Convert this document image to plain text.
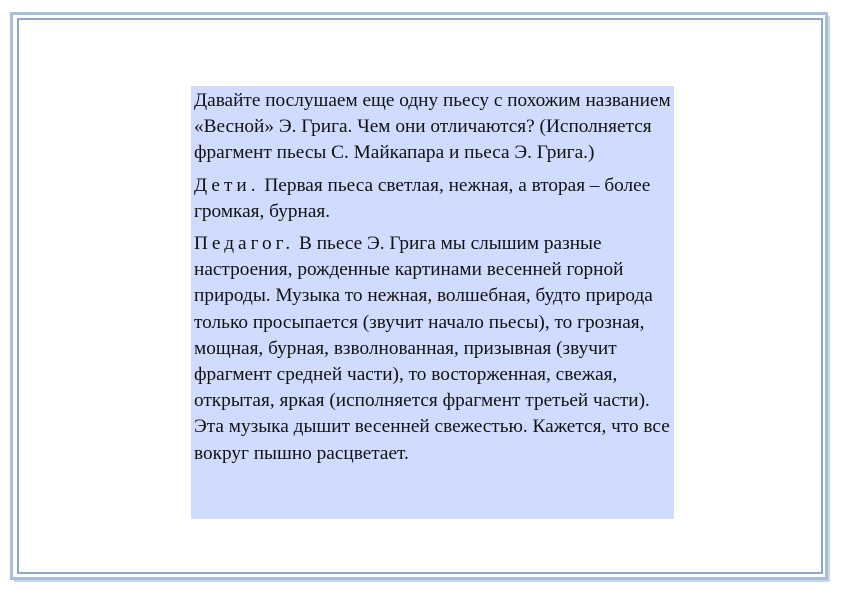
Давайте послушаем еще одну пьесу с похожим названием «Весной» Э. Грига. Чем они отличаются? (Исполняется фрагмент пьесы С. Майкапара и пьеса Э. Грига.)

Дети. Первая пьеса светлая, нежная, а вторая – более громкая, бурная.

Педагог. В пьесе Э. Грига мы слышим разные настроения, рожденные картинами весенней горной природы. Музыка то нежная, волшебная, будто природа только просыпается (звучит начало пьесы), то грозная, мощная, бурная, взволнованная, призывная (звучит фрагмент средней части), то восторженная, свежая, открытая, яркая (исполняется фрагмент третьей части). Эта музыка дышит весенней свежестью. Кажется, что все вокруг пышно расцветает.
